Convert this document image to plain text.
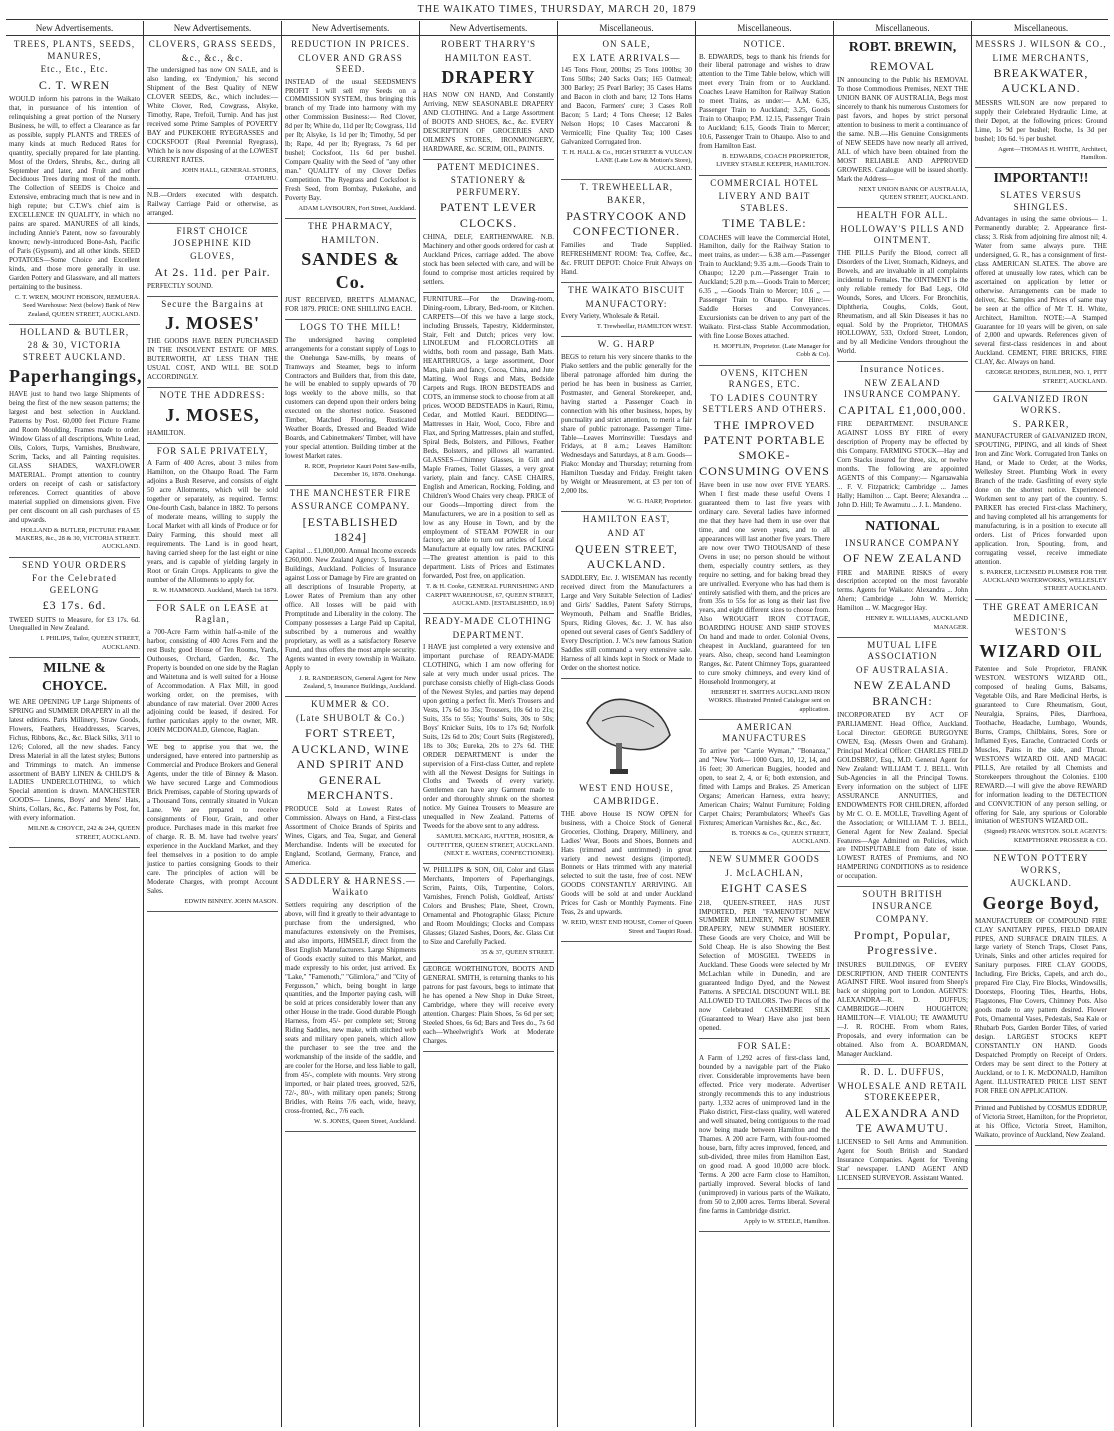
THE WAIKATO TIMES, THURSDAY, MARCH 20, 1879
New Advertisements.

TREES, PLANTS, SEEDS, MANURES,

Etc., Etc., Etc.

C. T. WREN

WOULD inform his patrons in the Waikato that, in pursuance of his intention of relinquishing a great portion of the Nursery Business, he will, to effect a Clearance as far as possible, supply PLANTS and TREES of many kinds at much Reduced Rates for quantity, specially prepared for late planting. Most of the Orders, Shrubs, &c., during all September and later, and Fruit and other Deciduous Trees during most of the month. The Collection of SEEDS is Choice and Extensive, embracing much that is new and in high repute; but C.T.W's chief aim is EXCELLENCE IN QUALITY, in which no pains are spared. MANURES of all kinds, including Annie's Patent, now so favourably known; newly-introduced Bone-Ash, Pacific of Paris (Gypsum), and all other kinds. SEED POTATOES—Some Choice and Excellent kinds, and those more generally in use. Garden Pottery and Glassware, and all matters pertaining to the business.

C. T. WREN, MOUNT HOBSON, REMUERA. Seed Warehouse: Next (below) Bank of New Zealand, QUEEN STREET, AUCKLAND.

HOLLAND & BUTLER,

28 & 30, VICTORIA STREET AUCKLAND.

Paperhangings,

HAVE just to hand two large Shipments of being the first of the new season patterns; the largest and best selection in Auckland. Patterns by Post. 60,000 feet Picture Frame and Room Moulding. Frames made to order. Window Glass of all descriptions, White Lead, Oils, Colors, Turps, Varnishes, Brushware, Scrim, Tacks, and all Painting requisites. GLASS SHADES, WAXFLOWER MATERIAL. Prompt attention to country orders on receipt of cash or satisfactory references. Correct quantities of above material supplied on dimensions given. Five per cent discount on all cash purchases of £5 and upwards.

HOLLAND & BUTLER, PICTURE FRAME MAKERS, &c., 28 & 30, VICTORIA STREET. AUCKLAND.

SEND YOUR ORDERS

For the Celebrated GEELONG

£3 17s. 6d.

TWEED SUITS to Measure, for £3 17s. 6d. Unequalled in New Zealand.

I. PHILIPS, Tailor, QUEEN STREET, AUCKLAND.

MILNE & CHOYCE.

WE ARE OPENING UP Large Shipments of SPRING and SUMMER DRAPERY in all the latest editions. Paris Millinery, Straw Goods, Flowers, Feathers, Headdresses, Scarves, Fichus, Ribbons, &c., &c. Black Silks, 3/11 to 12/6; Colored, all the new shades. Fancy Dress Material in all the latest styles; Buttons and Trimmings to match. An immense assortment of BABY LINEN & CHILD'S & LADIES UNDERCLOTHING, to which Special attention is drawn. MANCHESTER GOODS— Linens, Boys' and Mens' Hats, Shirts, Collars, &c., &c. Patterns by Post, for, with every information.

MILNE & CHOYCE, 242 & 244, QUEEN STREET, AUCKLAND.

New Advertisements.

CLOVERS, GRASS SEEDS,

&c., &c., &c.

The undersigned has now ON SALE, and is also landing, ex 'Endymion,' his second Shipment of the Best Quality of NEW CLOVER SEEDS, &c., which includes:— White Clover, Red, Cowgrass, Alsyke, Timothy, Rape, Trefoil, Turnip. And has just received some Prime Samples of POVERTY BAY and PUKEKOHE RYEGRASSES and COCKSFOOT (Real Perennial Ryegrass), Which he is now disposing of at the LOWEST CURRENT RATES.

JOHN HALL, GENERAL STORES, OTAHUHU.

N.B.—Orders executed with despatch. Railway Carriage Paid or otherwise, as arranged.

FIRST CHOICE JOSEPHINE KID

GLOVES,

At 2s. 11d. per Pair.

PERFECTLY SOUND.

Secure the Bargains at

J. MOSES'

THE GOODS HAVE BEEN PURCHASED IN THE INSOLVENT ESTATE OF MRS. BUTERWORTH, AT LESS THAN THE USUAL COST, AND WILL BE SOLD ACCORDINGLY.

NOTE THE ADDRESS:

J. MOSES,

HAMILTON.

FOR SALE PRIVATELY,

A Farm of 400 Acres, about 3 miles from Hamilton, on the Ohaupo Road. The Farm adjoins a Bush Reserve, and consists of eight 50 acre Allotments, which will be sold together or separately, as required. Terms: One-fourth Cash, balance in 1882. To persons of moderate means, willing to supply the Local Market with all kinds of Produce or for Dairy Farming, this should meet all requirements. The Land is in good heart, having carried sheep for the last eight or nine years, and is capable of yielding largely in Root or Grain Crops. Applicants to give the number of the Allotments to apply for.

R. W. HAMMOND. Auckland, March 1st 1879.

FOR SALE on LEASE at Raglan,

a 700-Acre Farm within half-a-mile of the harbor, consisting of 400 Acres Fern and the rest Bush; good House of Ten Rooms, Yards, Outhouses, Orchard, Garden, &c. The Property is bounded on one side by the Raglan and Waitetuna and is well suited for a House of Accommodation. A Flax Mill, in good working order, on the premises, with abundance of raw material. Over 2000 Acres adjoining could be leased, if desired. For further particulars apply to the owner, MR. JOHN MCDONALD, Glencoe, Raglan.

WE beg to apprise you that we, the undersigned, have entered into partnership as Commercial and Produce Brokers and General Agents, under the title of Binney & Mason. We have secured Large and Commodious Brick Premises, capable of Storing upwards of a Thousand Tons, centrally situated in Vulcan Lane. We are prepared to receive consignments of Flour, Grain, and other produce. Purchases made in this market free of charge. R. B. M. have had twelve years' experience in the Auckland Market, and they feel themselves in a position to do ample justice to parties consigning Goods to their care. The principles of action will be Moderate Charges, with prompt Account Sales.

EDWIN BINNEY. JOHN MASON.

New Advertisements.

REDUCTION IN PRICES.

CLOVER AND GRASS SEED.

INSTEAD of the usual SEEDSMEN'S PROFIT I will sell my Seeds on a COMMISSION SYSTEM, thus bringing this branch of my Trade into harmony with my other Commission Business:— Red Clover, 8d per lb; White do, 11d per lb; Cowgrass, 11d per lb; Alsyke, 1s 1d per lb; Timothy, 5d per lb; Rape, 4d per lb; Ryegrass, 7s 6d per bushel; Cocksfoot, 11s 6d per bushel. Compare Quality with the Seed of "any other man." QUALITY of my Clover Defies Competition. The Ryegrass and Cocksfoot is Fresh Seed, from Bombay, Pukekohe, and Poverty Bay.

ADAM LAYBOURN, Fort Street, Auckland.

THE PHARMACY,

HAMILTON.

SANDES & Co.

JUST RECEIVED, BRETT'S ALMANAC, FOR 1879. PRICE: ONE SHILLING EACH.

LOGS TO THE MILL!

The undersigned having completed arrangements for a constant supply of Logs to the Onehunga Saw-mills, by means of Tramways and Steamer, begs to inform Contractors and Builders that, from this date, he will be enabled to supply upwards of 70 logs weekly to the above mills, so that customers can depend upon their orders being executed on the shortest notice. Seasoned Timber, Matched Flooring, Rusticated Weather Boards, Dressed and Beaded Wide Boards, and Cabinetmakers' Timber, will have your special attention. Building timber at the lowest Market rates.

R. ROE, Proprietor Kauri Point Saw-mills, December 16, 1878. Onehunga.

THE MANCHESTER FIRE

ASSURANCE COMPANY.

[ESTABLISHED 1824]

Capital ... £1,000,000. Annual Income exceeds £260,000. New Zealand Agency: 5, Insurance Buildings, Auckland. Policies of Insurance against Loss or Damage by Fire are granted on all descriptions of Insurable Property, at Lower Rates of Premium than any other office. All losses will be paid with Promptitude and Liberality in the colony. The Company possesses a Large Paid up Capital, subscribed by a numerous and wealthy proprietary, as well as a satisfactory Reserve Fund, and thus offers the most ample security. Agents wanted in every township in Waikato. Apply to

J. R. RANDERSON, General Agent for New Zealand, 5, Insurance Buildings, Auckland.

KUMMER & CO.

(Late SHUBOLT & Co.)

FORT STREET, AUCKLAND, WINE AND SPIRIT AND GENERAL MERCHANTS.

PRODUCE Sold at Lowest Rates of Commission. Always on Hand, a First-class Assortment of Choice Brands of Spirits and Wines, Cigars, and Tea, Sugar, and General Merchandise. Indents will be executed for England, Scotland, Germany, France, and America.

SADDLERY & HARNESS.—Waikato

Settlers requiring any description of the above, will find it greatly to their advantage to purchase from the undersigned, who manufactures extensively on the Premises, and also imports, HIMSELF, direct from the Best English Manufacturers. Large Shipments of Goods exactly suited to this Market, and made expressly to his order, just arrived. Ex "Lake," "Famenoth," "Glimlora," and "City of Fergusson," which, being bought in large quantities, and the Importer paying cash, will be sold at prices considerably lower than any other House in the trade. Good durable Plough Harness, from 45/- per complete set; Strong Riding Saddles, new make, with stitched web seats and military open panels, which allow the purchaser to see the tree and the workmanship of the inside of the saddle, and are cooler for the Horse, and less liable to gall, from 45/-, complete with mounts. Very strong imported, or hair plated trees, grooved, 52/6, 72/-, 80/-, with military open panels; Strong Bridles, with Reins 7/6 each, wide, heavy, cross-fronted, &c., 7/6 each.

W. S. JONES, Queen Street, Auckland.

New Advertisements.

ROBERT THARRY'S

HAMILTON EAST.

DRAPERY

HAS NOW ON HAND, And Constantly Arriving, NEW SEASONABLE DRAPERY AND CLOTHING. And a Large Assortment of BOOTS AND SHOES, &c., &c. EVERY DESCRIPTION OF GROCERIES AND OILMEN'S STORES, IRONMONGERY, HARDWARE, &c. SCRIM, OIL, PAINTS.

PATENT MEDICINES.

STATIONERY & PERFUMERY.

PATENT LEVER CLOCKS.

CHINA, DELF, EARTHENWARE. N.B. Machinery and other goods ordered for cash at Auckland Prices, carriage added. The above stock has been selected with care, and will be found to comprise most articles required by settlers.

FURNITURE—For the Drawing-room, Dining-room, Library, Bed-room, or Kitchen. CARPETS—Of this we have a large stock, including Brussels, Tapestry, Kidderminster, Stair, Felt and Dutch; prices very low. LINOLEUM and FLOORCLOTHS all widths, both room and passage, Bath Mats. HEARTHRUGS, a large assortment, Door Mats, plain and fancy, Cocoa, China, and Jute Matting, Wool Rugs and Mats, Bedside Carpets and Rugs. IRON BEDSTEADS and COTS, an immense stock to choose from at all prices. WOOD BEDSTEADS in Kauri, Rimu, Cedar, and Mottled Kauri. BEDDING—Mattresses in Hair, Wool, Coco, Fibre and Flax, and Spring Mattresses, plain and stuffed, Spiral Beds, Bolsters, and Pillows, Feather Beds, Bolsters, and pillows all warranted. GLASSES—Chimney Glasses, in Gilt and Maple Frames, Toilet Glasses, a very great variety, plain and fancy. CASE CHAIRS, English and American, Rocking, Folding, and Children's Wood Chairs very cheap. PRICE of our Goods—Importing direct from the Manufacturers, we are in a position to sell as low as any House in Town, and by the employment of STEAM POWER in our factory, are able to turn out articles of Local Manufacture at equally low rates. PACKING—The greatest attention is paid to this department. Lists of Prices and Estimates forwarded, Post free, on application.

T. & H. Cooke, GENERAL FURNISHING AND CARPET WAREHOUSE, 67, QUEEN STREET, AUCKLAND. [ESTABLISHED, 18.9]

READY-MADE CLOTHING

DEPARTMENT.

I HAVE just completed a very extensive and important purchase of READY-MADE CLOTHING, which I am now offering for sale at very much under usual prices. The purchase consists chiefly of High-class Goods of the Newest Styles, and parties may depend upon getting a perfect fit. Men's Trousers and Vests, 17s 6d to 35s; Trousers, 10s 6d to 21s; Suits, 35s to 55s; Youths' Suits, 30s to 50s; Boys' Knicker Suits, 10s to 17s 6d; Norfolk Suits, 12s 6d to 20s; Court Suits (Registered), 18s to 30s; Eureka, 20s to 27s 6d. THE ORDER DEPARTMENT is under the supervision of a First-class Cutter, and replete with all the Newest Designs for Suitings in Cloths and Tweeds of every variety. Gentlemen can have any Garment made to order and thoroughly shrunk on the shortest notice. My Guinea Trousers to Measure are unequalled in New Zealand. Patterns of Tweeds for the above sent to any address.

SAMUEL MCKAIG, HATTER, HOSIER, & OUTFITTER, QUEEN STREET, AUCKLAND. (NEXT E. WATERS, CONFECTIONER).

W. PHILLIPS & SON, Oil, Color and Glass Merchants, Importers of Paperhangings, Scrim, Paints, Oils, Turpentine, Colors, Varnishes, French Polish, Goldleaf, Artists' Colors and Brushes; Plate, Sheet, Crown, Ornamental and Photographic Glass; Picture and Room Mouldings; Clocks and Compass Glasses; Glazed Sashes, Doors, &c. Glass Cut to Size and Carefully Packed.

35 & 37, QUEEN STREET.

GEORGE WORTHINGTON, BOOTS AND GENERAL SMITH, is returning thanks to his patrons for past favours, begs to intimate that he has opened a New Shop in Duke Street, Cambridge, where they will receive every attention. Charges: Plain Shoes, 5s 6d per set; Steeled Shoes, 6s 6d; Bars and Tees do., 7s 6d each—Wheelwright's Work at Moderate Charges.

Miscellaneous.

ON SALE,

EX LATE ARRIVALS—

145 Tons Flour, 200lbs; 25 Tons 100lbs; 30 Tons 50lbs; 240 Sacks Oats; 165 Oatmeal; 300 Barley; 25 Pearl Barley; 35 Cases Hams and Bacon in cloth and bare; 12 Tons Hams and Bacon, Farmers' cure; 3 Cases Roll Bacon; 5 Lard; 4 Tons Cheese; 12 Bales Nelson Hops; 10 Cases Maccaroni & Vermicelli; Fine Quality Tea; 100 Cases Galvanized Corrugated Iron.

T. H. HALL & Co., HIGH STREET & VULCAN LANE (Late Low & Motion's Store), AUCKLAND.

T. TREWHEELLAR,

BAKER,

PASTRYCOOK AND CONFECTIONER.

Families and Trade Supplied. REFRESHMENT ROOM: Tea, Coffee, &c., &c. FRUIT DEPOT: Choice Fruit Always on Hand.

THE WAIKATO BISCUIT

MANUFACTORY:

Every Variety, Wholesale & Retail.

T. Trewheellar, HAMILTON WEST.

W. G. HARP

BEGS to return his very sincere thanks to the Piako settlers and the public generally for the liberal patronage afforded him during the period he has been in business as Carrier, Postmaster, and General Storekeeper, and, having started a Passenger Coach in connection with his other business, hopes, by punctuality and strict attention, to merit a fair share of public patronage. Passenger Time-Table—Leaves Morrinsville: Tuesdays and Fridays, at 8 a.m.; Leaves Hamilton: Wednesdays and Saturdays, at 8 a.m. Goods—Piako: Monday and Thursday; returning from Hamilton Tuesday and Friday. Freight taken by Weight or Measurement, at £3 per ton of 2,000 lbs.

W. G. HARP, Proprietor.

HAMILTON EAST,

AND AT

QUEEN STREET, AUCKLAND.

SADDLERY, Etc. J. WISEMAN has recently received direct from the Manufacturers a Large and Very Suitable Selection of Ladies' and Girls' Saddles, Patent Safety Stirrups, Weymouth, Pelham and Snaffle Bridles, Spurs, Riding Gloves, &c. J. W. has also opened out several cases of Gent's Saddlery of Every Description. J. W.'s new famous Station Saddles still command a very extensive sale. Harness of all kinds kept in Stock or Made to Order on the shortest notice.

WEST END HOUSE,

CAMBRIDGE.

THE above House IS NOW OPEN for business, with a Choice Stock of General Groceries, Clothing, Drapery, Millinery, and Ladies' Wear, Boots and Shoes, Bonnets and Hats (trimmed and untrimmed) in great variety and newest designs (imported). Bonnets or Hats trimmed with any material selected to suit the taste, free of cost. NEW GOODS CONSTANTLY ARRIVING. All Goods will be sold at and under Auckland Prices for Cash or Monthly Payments. Fine Teas, 2s and upwards.

W. REID, WEST END HOUSE, Corner of Queen Street and Taupiri Road.

Miscellaneous.

NOTICE.

B. EDWARDS, begs to thank his friends for their liberal patronage and wishes to draw attention to the Time Table below, which will meet every Train from or to Auckland. Coaches Leave Hamilton for Railway Station to meet Trains, as under:— A.M. 6.35, Passenger Train to Auckland; 3.25, Goods Train to Ohaupo; P.M. 12.15, Passenger Train to Auckland; 6.15, Goods Train to Mercer; 10.6, Passenger Train to Ohaupo. Also to and from Hamilton East.

B. EDWARDS, COACH PROPRIETOR, LIVERY STABLE KEEPER, HAMILTON.

COMMERCIAL HOTEL

LIVERY AND BAIT STABLES.

TIME TABLE:

COACHES will leave the Commercial Hotel, Hamilton, daily for the Railway Station to meet trains, as under:— 6.38 a.m.—Passenger Train to Auckland; 9.35 a.m.—Goods Train to Ohaupo; 12.20 p.m.—Passenger Train to Auckland; 5.20 p.m.—Goods Train to Mercer; 6.35 ,, —Goods Train to Mercer; 10.6 ,, —Passenger Train to Ohaupo. For Hire:—Saddle Horses and Conveyances. Excursionists can be driven to any part of the Waikato. First-class Stable Accommodation, with fine Loose Boxes attached.

H. MOFFLIN, Proprietor. (Late Manager for Cobb & Co).

OVENS, KITCHEN RANGES, ETC.

TO LADIES COUNTRY SETTLERS AND OTHERS.

THE IMPROVED PATENT PORTABLE SMOKE-CONSUMING OVENS

Have been in use now over FIVE YEARS. When I first made these useful Ovens I guaranteed them to last five years with ordinary care. Several ladies have informed me that they have had them in use over that time, and one seven years, and to all appearances will last another five years. There are now over TWO THOUSAND of these Ovens in use; no person should be without them, especially country settlers, as they require no setting, and for baking bread they are unrivalled. Everyone who has had them is entirely satisfied with them, and the prices are from 35s to 55s for as long as their last five years, and eight different sizes to choose from. Also WROUGHT IRON COTTAGE, BOARDING HOUSE AND SHIP STOVES On hand and made to order. Colonial Ovens, cheapest in Auckland, guaranteed for ten years. Also, cheap, second hand Leamington Ranges, &c. Patent Chimney Tops, guaranteed to cure smoky chimneys, and every kind of Household Ironmongery, at

HERBERT H. SMITH'S AUCKLAND IRON WORKS. Illustrated Printed Catalogue sent on application.

AMERICAN MANUFACTURES

To arrive per "Carrie Wyman," "Bonanza," and "New York— 1000 Oars, 10, 12, 14, and 16 feet; 30 American Buggies, hooded and open, to seat 2, 4, or 6; both extension, and fitted with Lamps and Brakes. 25 American Organs; American Harness, extra heavy; American Chairs; Walnut Furniture; Folding Carpet Chairs; Perambulators; Wheel's Gas Fixtures; American Varnishes &c., &c., &c.

B. TONKS & Co., QUEEN STREET, AUCKLAND.

NEW SUMMER GOODS

J. McLACHLAN,

EIGHT CASES

218, QUEEN-STREET, HAS JUST IMPORTED, PER "FAMENOTH" NEW SUMMER MILLINERY, NEW SUMMER DRAPERY, NEW SUMMER HOSIERY. These Goods are very Choice, and Will be Sold Cheap. He is also Showing the Best Selection of MOSGIEL TWEEDS in Auckland. These Goods were selected by Mr McLachlan while in Dunedin, and are guaranteed Indigo Dyed, and the Newest Patterns. A SPECIAL DISCOUNT WILL BE ALLOWED TO TAILORS. Two Pieces of the now Celebrated CASHMERE SILK (Guaranteed to Wear) Have also just been opened.

FOR SALE:

A Farm of 1,292 acres of first-class land, bounded by a navigable part of the Piako river. Considerable improvements have been effected. Price very moderate. Advertiser strongly recommends this to any industrious party. 1,332 acres of unimproved land in the Piako district, First-class quality, well watered and well situated, being contiguous to the road now being made between Hamilton and the Thames. A 200 acre Farm, with four-roomed house, barn, fifty acres improved, fenced, and sub-divided, three miles from Hamilton East, on good road. A good 10,000 acre block. Terms. A 200 acre Farm close to Hamilton, partially improved. Several blocks of land (unimproved) in various parts of the Waikato, from 50 to 2,000 acres. Terms liberal. Several fine farms in Cambridge district.

Apply to W. STEELE, Hamilton.

Miscellaneous.

ROBT. BREWIN,

REMOVAL

IN announcing to the Public his REMOVAL To those Commodious Premises, NEXT THE UNION BANK OF AUSTRALIA, Begs most sincerely to thank his numerous Customers for past favors, and hopes by strict personal attention to business to merit a continuance of the same. N.B.—His Genuine Consignments of NEW SEEDS have now nearly all arrived, ALL of which have been obtained from the MOST RELIABLE AND APPROVED GROWERS. Catalogue will be issued shortly. Mark the Address—

NEXT UNION BANK OF AUSTRALIA, QUEEN STREET, AUCKLAND.

HEALTH FOR ALL.

HOLLOWAY'S PILLS AND OINTMENT.

THE PILLS Purify the Blood, correct all Disorders of the Liver, Stomach, Kidneys, and Bowels, and are invaluable in all complaints incidental to Females. The OINTMENT is the only reliable remedy for Bad Legs, Old Wounds, Sores, and Ulcers. For Bronchitis, Diphtheria, Coughs, Colds, Gout, Rheumatism, and all Skin Diseases it has no equal. Sold by the Proprietor, THOMAS HOLLOWAY, 533, Oxford Street, London, and by all Medicine Vendors throughout the World.

Insurance Notices.

NEW ZEALAND INSURANCE COMPANY.

CAPITAL £1,000,000.

FIRE DEPARTMENT. INSURANCE AGAINST LOSS BY FIRE of every description of Property may be effected by this Company. FARMING STOCK—Hay and Corn Stacks insured for three, six, or twelve months. The following are appointed AGENTS of this Company:— Ngaruawahia ... F. V. Fitzpatrick; Cambridge ... James Hally; Hamilton ... Capt. Beere; Alexandra ... John D. Hill; Te Awamutu ... J. L. Mandeno.

NATIONAL

INSURANCE COMPANY

OF NEW ZEALAND

FIRE and MARINE RISKS of every description accepted on the most favorable terms. Agents for Waikato: Alexandra ... John Ahern; Cambridge ... John W. Merrick; Hamilton ... W. Macgregor Hay.

HENRY E. WILLIAMS, AUCKLAND MANAGER.

MUTUAL LIFE ASSOCIATION

OF AUSTRALASIA.

NEW ZEALAND BRANCH:

INCORPORATED BY ACT OF PARLIAMENT. Head Office, Auckland. Local Director: GEORGE BURGOYNE OWEN, Esq. (Messrs Owen and Graham). Principal Medical Officer: CHARLES FIELD GOLDSBRO', Esq., M.D. General Agent for New Zealand: WILLIAM T. J. BELL. With Sub-Agencies in all the Principal Towns. Every information on the subject of LIFE ASSURANCE ANNUITIES, and ENDOWMENTS FOR CHILDREN, afforded by Mr C. O. E. MOLLE, Travelling Agent of the Association; or WILLIAM T. J. BELL, General Agent for New Zealand. Special Features—Age Admitted on Policies, which are INDISPUTABLE from date of issue. LOWEST RATES of Premiums, and NO HAMPERING CONDITIONS as to residence or occupation.

SOUTH BRITISH INSURANCE

COMPANY.

Prompt, Popular, Progressive.

INSURES BUILDINGS, OF EVERY DESCRIPTION, AND THEIR CONTENTS AGAINST FIRE. Wool insured from Sheep's back or shipping port to London. AGENTS: ALEXANDRA—R. D. DUFFUS; CAMBRIDGE—JOHN HOUGHTON; HAMILTON—F. VIALOU; TE AWAMUTU—J. R. ROCHE. From whom Rates, Proposals, and every information can be obtained. Also from A. BOARDMAN, Manager Auckland.

R. D. L. DUFFUS,

WHOLESALE AND RETAIL STOREKEEPER,

ALEXANDRA AND TE AWAMUTU.

LICENSED to Sell Arms and Ammunition. Agent for South British and Standard Insurance Companies. Agent for 'Evening Star' newspaper. LAND AGENT AND LICENSED SURVEYOR. Assistant Wanted.

Miscellaneous.

MESSRS J. WILSON & CO.,

LIME MERCHANTS,

BREAKWATER, AUCKLAND.

MESSRS WILSON are now prepared to supply their Celebrated Hydraulic Lime, at their Depot, at the following prices: Ground Lime, 1s 9d per bushel; Roche, 1s 3d per bushel; 10s 6d. ½ per bushel.

Agent—THOMAS H. WHITE, Architect, Hamilton.

IMPORTANT!!

SLATES VERSUS SHINGLES.

Advantages in using the same obvious— 1. Permanently durable; 2. Appearance first-class; 3. Risk from adjoining fire almost nil; 4. Water from same always pure. THE undersigned, G. R., has a consignment of first-class AMERICAN SLATES. The above are offered at unusually low rates, which can be ascertained on application by letter or otherwise. Arrangements can be made to deliver, &c. Samples and Prices of same may be seen at the office of Mr T. H. White, Architect, Hamilton. NOTE:—A Stamped Guarantee for 10 years will be given, on sale of 2,000 and upwards. References given of several first-class residences in and about Auckland. CEMENT, FIRE BRICKS, FIRE CLAY, &c. Always on hand.

GEORGE RHODES, BUILDER, NO. 1, PITT STREET, AUCKLAND.

GALVANIZED IRON WORKS.

S. PARKER,

MANUFACTURER of GALVANIZED IRON, SPOUTING, PIPING, and all kinds of Sheet Iron and Zinc Work. Corrugated Iron Tanks on Hand, or Made to Order, at the Works, Wellesley Street. Plumbing Work in every Branch of the trade. Gasfitting of every style done on the shortest notice. Experienced Workmen sent to any part of the country. S. PARKER has erected First-class Machinery, and having completed all his arrangements for manufacturing, is in a position to execute all orders. List of Prices forwarded upon application. Iron, Spouting, from, and corrugating vessel, receive immediate attention.

S. PARKER, LICENSED PLUMBER FOR THE AUCKLAND WATERWORKS, WELLESLEY STREET AUCKLAND.

THE GREAT AMERICAN MEDICINE,

WESTON'S

WIZARD OIL

Patentee and Sole Proprietor, FRANK WESTON. WESTON'S WIZARD OIL, composed of healing Gums, Balsams, Vegetable Oils, and Rare Medicinal Herbs, is guaranteed to Cure Rheumatism, Gout, Neuralgia, Sprains, Piles, Diarrhoea, Toothache, Headache, Lumbago, Wounds, Burns, Cramps, Chilblains, Sores, Sore or Inflamed Eyes, Earache, Contracted Cords or Muscles, Pains in the side, and Throat. WESTON'S WIZARD OIL AND MAGIC PILLS, Are retailed by all Chemists and Storekeepers throughout the Colonies. £100 REWARD.—I will give the above REWARD for information leading to the DETECTION and CONVICTION of any person selling, or offering for Sale, any spurious or Colorable imitation of WESTON'S WIZARD OIL.

(Signed) FRANK WESTON. SOLE AGENTS: KEMPTHORNE PROSSER & CO.

NEWTON POTTERY WORKS,

AUCKLAND.

George Boyd,

MANUFACTURER OF COMPOUND FIRE CLAY SANITARY PIPES, FIELD DRAIN PIPES, AND SURFACE DRAIN TILES. A large variety of Stench Traps, Closet Pans, Urinals, Sinks and other articles required for Sanitary purposes. FIRE CLAY GOODS, Including, Fire Bricks, Capels, and arch do., prepared Fire Clay, Fire Blocks, Windowsills, Doorsteps, Flooring Tiles, Hearths, Hobs, Flagstones, Flue Covers, Chimney Pots. Also goods made to any pattern desired. Flower Pots, Ornamental Vases, Pedestals, Sea Kale or Rhubarb Pots, Garden Border Tiles, of varied design. LARGEST STOCKS KEPT CONSTANTLY ON HAND. Goods Despatched Promptly on Receipt of Orders. Orders may be sent direct to the Pottery at Auckland, or to I. K. McDONALD, Hamilton Agent. ILLUSTRATED PRICE LIST SENT FOR FREE ON APPLICATION.

Printed and Published by COSMUS EDDRUP, of Victoria Street, Hamilton, for the Proprietor, at his Office, Victoria Street, Hamilton, Waikato, province of Auckland, New Zealand.
